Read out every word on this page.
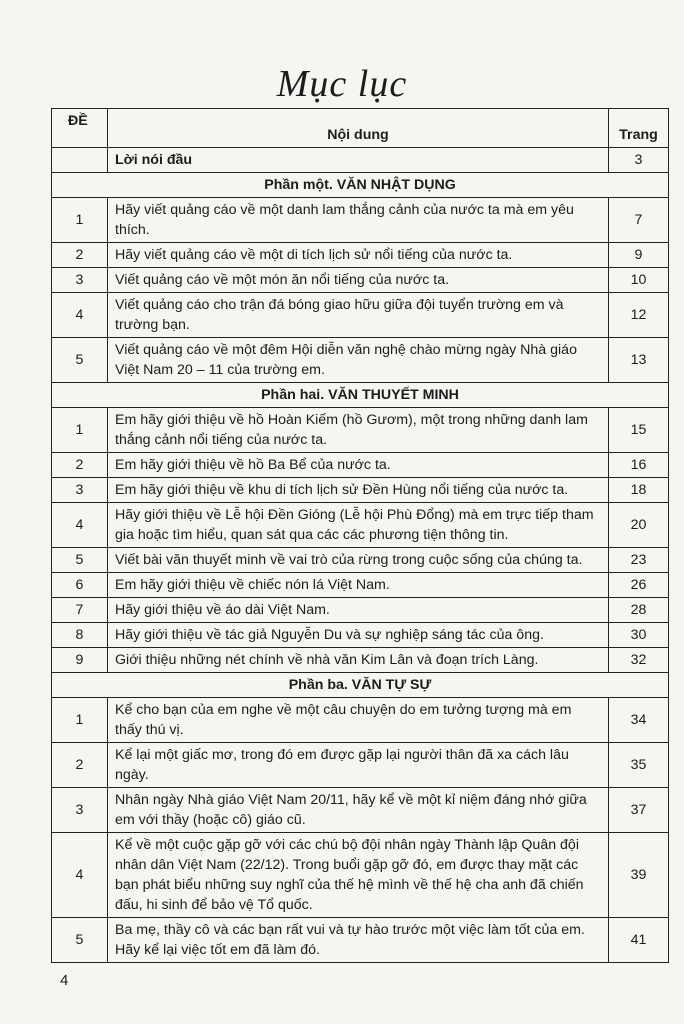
Mục lục
ĐỀ	Nội dung	Trang
	Lời nói đầu	3
Phần một. VĂN NHẬT DỤNG		
1	Hãy viết quảng cáo về một danh lam thắng cảnh của nước ta mà em yêu thích.	7
2	Hãy viết quảng cáo về một di tích lịch sử nổi tiếng của nước ta.	9
3	Viết quảng cáo về một món ăn nổi tiếng của nước ta.	10
4	Viết quảng cáo cho trận đá bóng giao hữu giữa đội tuyển trường em và trường bạn.	12
5	Viết quảng cáo về một đêm Hội diễn văn nghệ chào mừng ngày Nhà giáo Việt Nam 20 – 11 của trường em.	13
Phần hai. VĂN THUYẾT MINH		
1	Em hãy giới thiệu về hồ Hoàn Kiếm (hồ Gươm), một trong những danh lam thắng cảnh nổi tiếng của nước ta.	15
2	Em hãy giới thiệu về hồ Ba Bể của nước ta.	16
3	Em hãy giới thiệu về khu di tích lịch sử Đền Hùng nổi tiếng của nước ta.	18
4	Hãy giới thiệu về Lễ hội Đền Gióng (Lễ hội Phù Đổng) mà em trực tiếp tham gia hoặc tìm hiểu, quan sát qua các các phương tiện thông tin.	20
5	Viết bài văn thuyết minh về vai trò của rừng trong cuộc sống của chúng ta.	23
6	Em hãy giới thiệu về chiếc nón lá Việt Nam.	26
7	Hãy giới thiệu về áo dài Việt Nam.	28
8	Hãy giới thiệu về tác giả Nguyễn Du và sự nghiệp sáng tác của ông.	30
9	Giới thiệu những nét chính về nhà văn Kim Lân và đoạn trích Làng.	32
Phần ba. VĂN TỰ SỰ		
1	Kể cho bạn của em nghe về một câu chuyện do em tưởng tượng mà em thấy thú vị.	34
2	Kể lại một giấc mơ, trong đó em được gặp lại người thân đã xa cách lâu ngày.	35
3	Nhân ngày Nhà giáo Việt Nam 20/11, hãy kể về một kỉ niệm đáng nhớ giữa em với thầy (hoặc cô) giáo cũ.	37
4	Kể về một cuộc gặp gỡ với các chú bộ đội nhân ngày Thành lập Quân đội nhân dân Việt Nam (22/12). Trong buổi gặp gỡ đó, em được thay mặt các bạn phát biểu những suy nghĩ của thế hệ mình về thế hệ cha anh đã chiến đấu, hi sinh để bảo vệ Tổ quốc.	39
5	Ba mẹ, thầy cô và các bạn rất vui và tự hào trước một việc làm tốt của em. Hãy kể lại việc tốt em đã làm đó.	41
4
